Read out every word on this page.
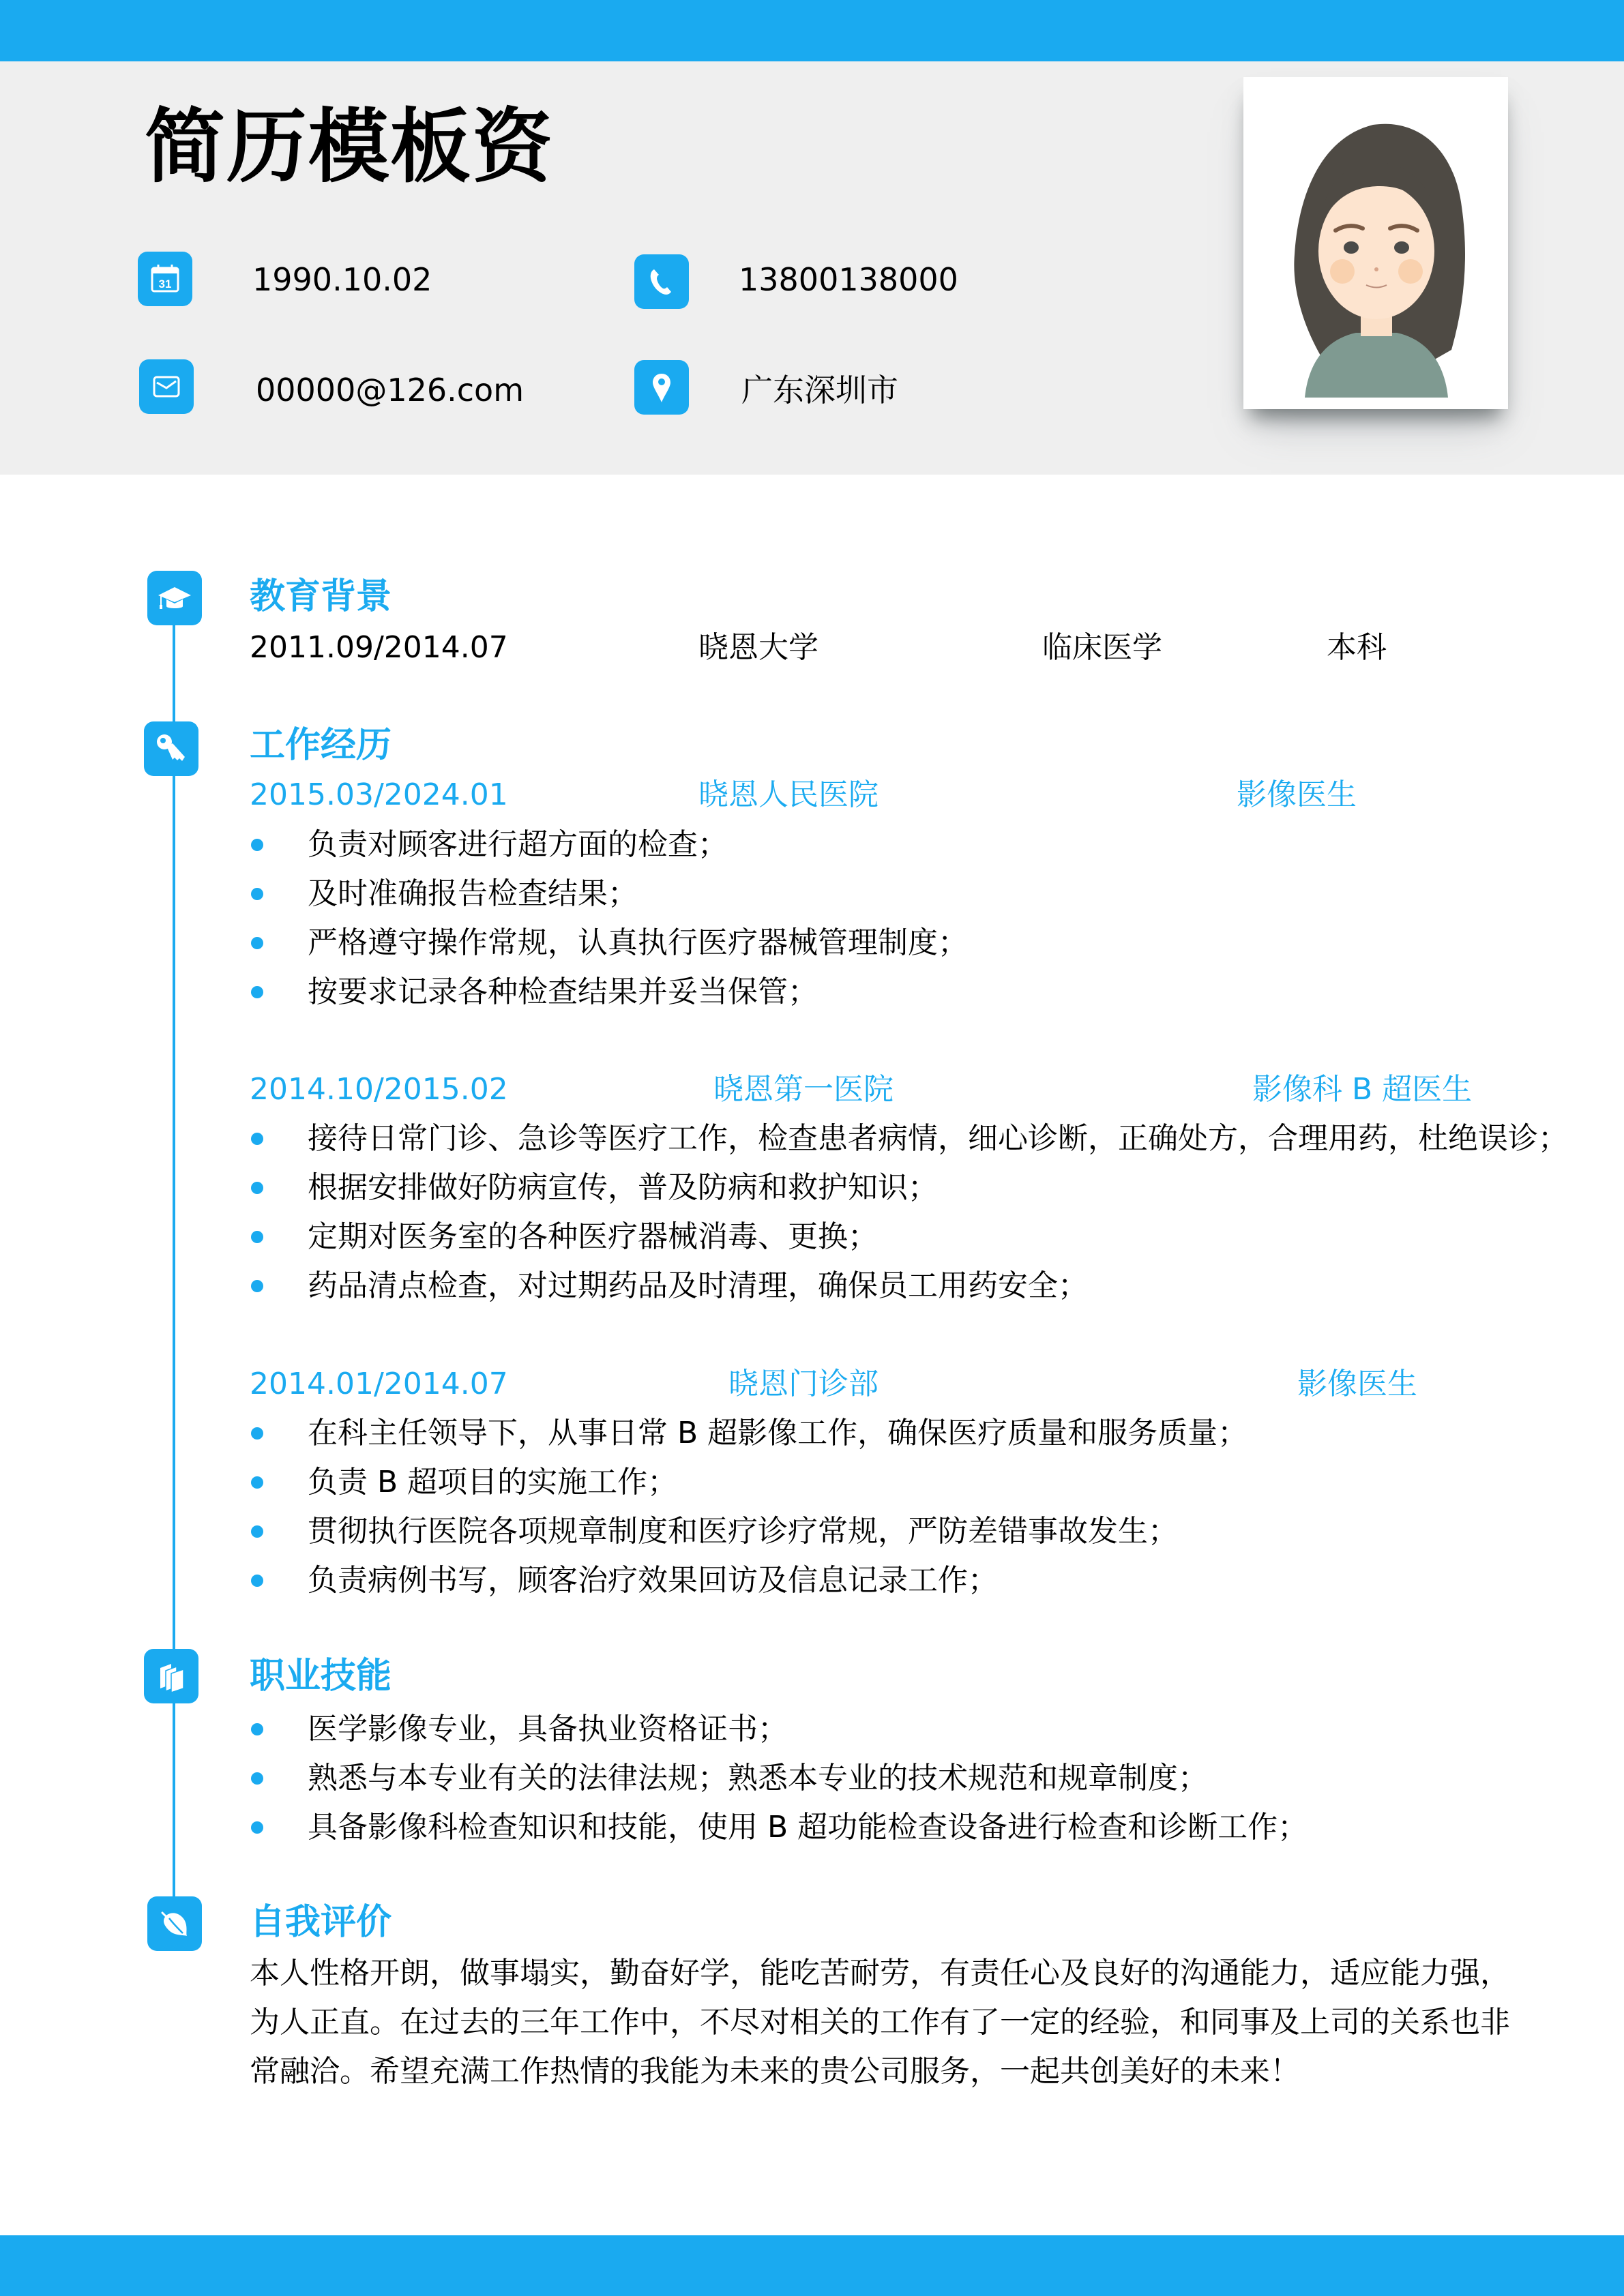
简历模板资
31	1990.10.02	13800138000
00000@126.com	广东深圳市
教育背景
2011.09/2014.07	晓恩大学	临床医学	本科
工作经历
2015.03/2024.01	晓恩人民医院	影像医生
负责对顾客进行超方面的检查；
及时准确报告检查结果；
严格遵守操作常规，认真执行医疗器械管理制度；
按要求记录各种检查结果并妥当保管；
2014.10/2015.02	晓恩第一医院	影像科 B 超医生
接待日常门诊、急诊等医疗工作，检查患者病情，细心诊断，正确处方，合理用药，杜绝误诊；
根据安排做好防病宣传，普及防病和救护知识；
定期对医务室的各种医疗器械消毒、更换；
药品清点检查，对过期药品及时清理，确保员工用药安全；
2014.01/2014.07	晓恩门诊部	影像医生
在科主任领导下，从事日常 B 超影像工作，确保医疗质量和服务质量；
负责 B 超项目的实施工作；
贯彻执行医院各项规章制度和医疗诊疗常规，严防差错事故发生；
负责病例书写，顾客治疗效果回访及信息记录工作；
职业技能
医学影像专业，具备执业资格证书；
熟悉与本专业有关的法律法规；熟悉本专业的技术规范和规章制度；
具备影像科检查知识和技能，使用 B 超功能检查设备进行检查和诊断工作；
自我评价
本人性格开朗，做事塌实，勤奋好学，能吃苦耐劳，有责任心及良好的沟通能力，适应能力强，为人正直。在过去的三年工作中，不尽对相关的工作有了一定的经验，和同事及上司的关系也非常融洽。希望充满工作热情的我能为未来的贵公司服务，一起共创美好的未来！
